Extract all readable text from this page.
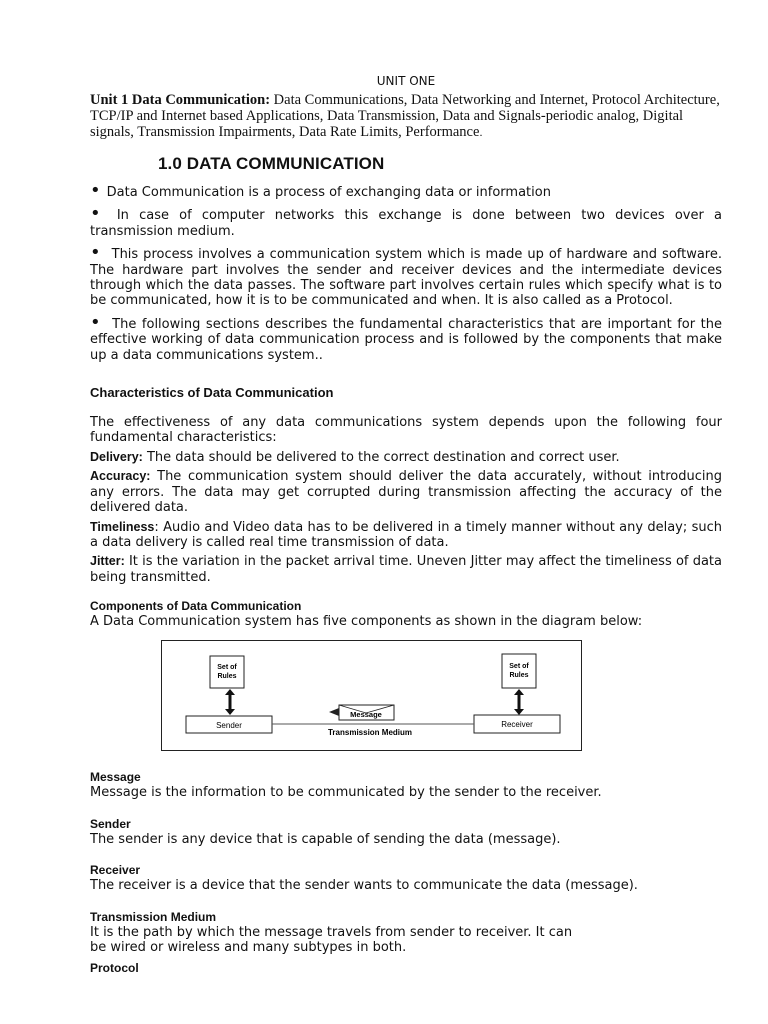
UNIT ONE

Unit 1 Data Communication: Data Communications, Data Networking and Internet, Protocol Architecture, TCP/IP and Internet based Applications, Data Transmission, Data and Signals-periodic analog, Digital signals, Transmission Impairments, Data Rate Limits, Performance.

1.0 DATA COMMUNICATION
• Data Communication is a process of exchanging data or information
• In case of computer networks this exchange is done between two devices over a transmission medium.
• This process involves a communication system which is made up of hardware and software. The hardware part involves the sender and receiver devices and the intermediate devices through which the data passes. The software part involves certain rules which specify what is to be communicated, how it is to be communicated and when. It is also called as a Protocol.
• The following sections describes the fundamental characteristics that are important for the effective working of data communication process and is followed by the components that make up a data communications system..
Characteristics of Data Communication

The effectiveness of any data communications system depends upon the following four fundamental characteristics:

Delivery: The data should be delivered to the correct destination and correct user.

Accuracy: The communication system should deliver the data accurately, without introducing any errors. The data may get corrupted during transmission affecting the accuracy of the delivered data.

Timeliness: Audio and Video data has to be delivered in a timely manner without any delay; such a data delivery is called real time transmission of data.

Jitter: It is the variation in the packet arrival time. Uneven Jitter may affect the timeliness of data being transmitted.

Components of Data Communication

A Data Communication system has five components as shown in the diagram below:

Set of
Rules
Set of
Rules
Sender	Receiver
Message
Transmission Medium
Message

Message is the information to be communicated by the sender to the receiver.

Sender

The sender is any device that is capable of sending the data (message).

Receiver

The receiver is a device that the sender wants to communicate the data (message).

Transmission Medium

It is the path by which the message travels from sender to receiver. It can be wired or wireless and many subtypes in both.

Protocol
